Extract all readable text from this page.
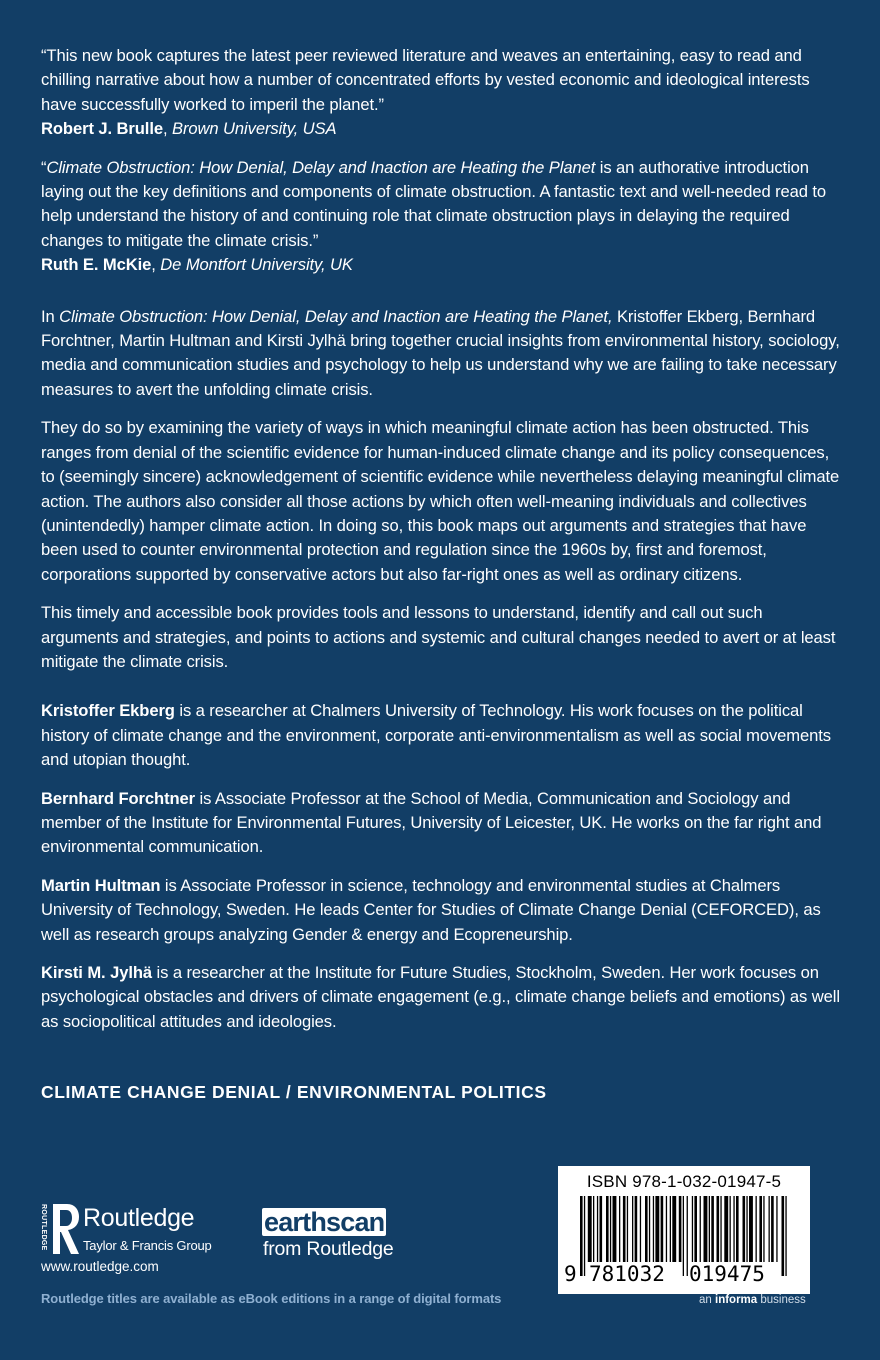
“This new book captures the latest peer reviewed literature and weaves an entertaining, easy to read and chilling narrative about how a number of concentrated efforts by vested economic and ideological interests have successfully worked to imperil the planet.”
Robert J. Brulle, Brown University, USA

“Climate Obstruction: How Denial, Delay and Inaction are Heating the Planet is an authorative introduction laying out the key definitions and components of climate obstruction. A fantastic text and well-needed read to help understand the history of and continuing role that climate obstruction plays in delaying the required changes to mitigate the climate crisis.”
Ruth E. McKie, De Montfort University, UK

In Climate Obstruction: How Denial, Delay and Inaction are Heating the Planet, Kristoffer Ekberg, Bernhard Forchtner, Martin Hultman and Kirsti Jylhä bring together crucial insights from environmental history, sociology, media and communication studies and psychology to help us understand why we are failing to take necessary measures to avert the unfolding climate crisis.

They do so by examining the variety of ways in which meaningful climate action has been obstructed. This ranges from denial of the scientific evidence for human-induced climate change and its policy consequences, to (seemingly sincere) acknowledgement of scientific evidence while nevertheless delaying meaningful climate action. The authors also consider all those actions by which often well-meaning individuals and collectives (unintendedly) hamper climate action. In doing so, this book maps out arguments and strategies that have been used to counter environmental protection and regulation since the 1960s by, first and foremost, corporations supported by conservative actors but also far-right ones as well as ordinary citizens.

This timely and accessible book provides tools and lessons to understand, identify and call out such arguments and strategies, and points to actions and systemic and cultural changes needed to avert or at least mitigate the climate crisis.

Kristoffer Ekberg is a researcher at Chalmers University of Technology. His work focuses on the political history of climate change and the environment, corporate anti-environmentalism as well as social movements and utopian thought.

Bernhard Forchtner is Associate Professor at the School of Media, Communication and Sociology and member of the Institute for Environmental Futures, University of Leicester, UK. He works on the far right and environmental communication.

Martin Hultman is Associate Professor in science, technology and environmental studies at Chalmers University of Technology, Sweden. He leads Center for Studies of Climate Change Denial (CEFORCED), as well as research groups analyzing Gender & energy and Ecopreneurship.

Kirsti M. Jylhä is a researcher at the Institute for Future Studies, Stockholm, Sweden. Her work focuses on psychological obstacles and drivers of climate engagement (e.g., climate change beliefs and emotions) as well as sociopolitical attitudes and ideologies.

CLIMATE CHANGE DENIAL / ENVIRONMENTAL POLITICS
ROUTLEDGE Routledge
Taylor & Francis Group
www.routledge.com
earthscan
from Routledge
Routledge titles are available as eBook editions in a range of digital formats
ISBN 978-1-032-01947-5
9 781032 019475
an informa business
